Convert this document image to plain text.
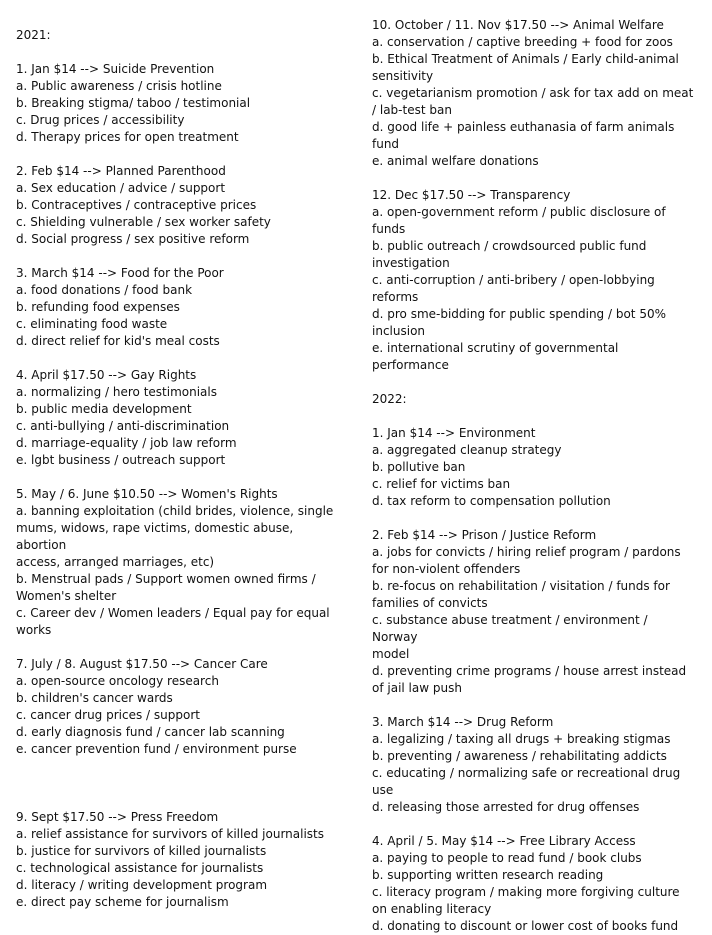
2021:
1. Jan $14 --> Suicide Prevention
a. Public awareness / crisis hotline
b. Breaking stigma/ taboo / testimonial
c. Drug prices / accessibility
d. Therapy prices for open treatment
2. Feb $14 --> Planned Parenthood
a. Sex education / advice / support
b. Contraceptives / contraceptive prices
c. Shielding vulnerable / sex worker safety
d. Social progress / sex positive reform
3. March $14 --> Food for the Poor
a. food donations / food bank
b. refunding food expenses
c. eliminating food waste
d. direct relief for kid's meal costs
4. April $17.50 --> Gay Rights
a. normalizing / hero testimonials
b. public media development
c. anti-bullying / anti-discrimination
d. marriage-equality / job law reform
e. lgbt business / outreach support
5. May / 6. June $10.50 --> Women's Rights
a. banning exploitation (child brides, violence, single
mums, widows, rape victims, domestic abuse, abortion
access, arranged marriages, etc)
b. Menstrual pads / Support women owned firms /
Women's shelter
c. Career dev / Women leaders / Equal pay for equal
works
7. July / 8. August $17.50 --> Cancer Care
a. open-source oncology research
b. children's cancer wards
c. cancer drug prices / support
d. early diagnosis fund / cancer lab scanning
e. cancer prevention fund / environment purse
9. Sept $17.50 --> Press Freedom
a. relief assistance for survivors of killed journalists
b. justice for survivors of killed journalists
c. technological assistance for journalists
d. literacy / writing development program
e. direct pay scheme for journalism
10. October / 11. Nov $17.50 --> Animal Welfare
a. conservation / captive breeding + food for zoos
b. Ethical Treatment of Animals / Early child-animal
sensitivity
c. vegetarianism promotion / ask for tax add on meat
/ lab-test ban
d. good life + painless euthanasia of farm animals
fund
e. animal welfare donations
12. Dec $17.50 --> Transparency
a. open-government reform / public disclosure of
funds
b. public outreach / crowdsourced public fund
investigation
c. anti-corruption / anti-bribery / open-lobbying
reforms
d. pro sme-bidding for public spending / bot 50%
inclusion
e. international scrutiny of governmental performance
2022:
1. Jan $14 --> Environment
a. aggregated cleanup strategy
b. pollutive ban
c. relief for victims ban
d. tax reform to compensation pollution
2. Feb $14 --> Prison / Justice Reform
a. jobs for convicts / hiring relief program / pardons
for non-violent offenders
b. re-focus on rehabilitation / visitation / funds for
families of convicts
c. substance abuse treatment / environment / Norway
model
d. preventing crime programs / house arrest instead
of jail law push
3. March $14 --> Drug Reform
a. legalizing / taxing all drugs + breaking stigmas
b. preventing / awareness / rehabilitating addicts
c. educating / normalizing safe or recreational drug
use
d. releasing those arrested for drug offenses
4. April / 5. May $14 --> Free Library Access
a. paying to people to read fund / book clubs
b. supporting written research reading
c. literacy program / making more forgiving culture
on enabling literacy
d. donating to discount or lower cost of books fund
